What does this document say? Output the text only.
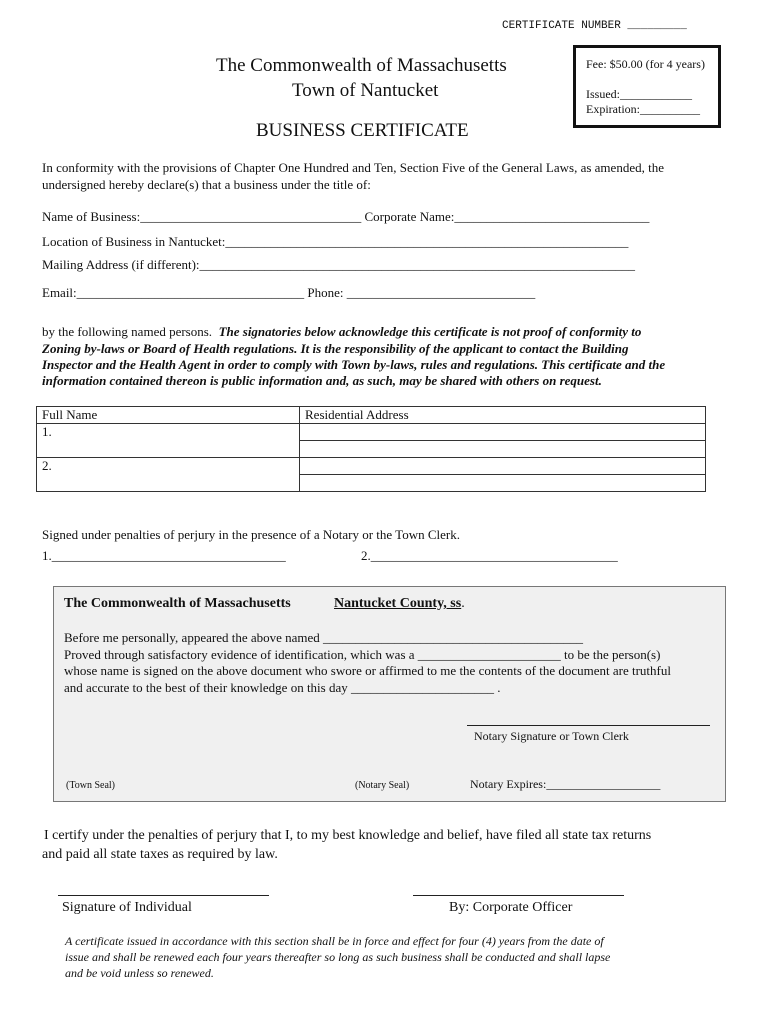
CERTIFICATE NUMBER _________
The Commonwealth of Massachusetts
Town of Nantucket
BUSINESS CERTIFICATE
Fee: $50.00 (for 4 years)
Issued:____________
Expiration:__________
In conformity with the provisions of Chapter One Hundred and Ten, Section Five of the General Laws, as amended, the
undersigned hereby declare(s) that a business under the title of:
Name of Business:__________________________________ Corporate Name:______________________________
Location of Business in Nantucket:______________________________________________________________
Mailing Address (if different):___________________________________________________________________
Email:___________________________________ Phone: _____________________________
by the following named persons. The signatories below acknowledge this certificate is not proof of conformity to
Zoning by-laws or Board of Health regulations. It is the responsibility of the applicant to contact the Building
Inspector and the Health Agent in order to comply with Town by-laws, rules and regulations. This certificate and the
information contained thereon is public information and, as such, may be shared with others on request.
Full Name	Residential Address
1.	

2.	

Signed under penalties of perjury in the presence of a Notary or the Town Clerk.
1.____________________________________	2.______________________________________
The Commonwealth of Massachusetts	Nantucket County, ss.
Before me personally, appeared the above named ________________________________________
Proved through satisfactory evidence of identification, which was a ______________________ to be the person(s)
whose name is signed on the above document who swore or affirmed to me the contents of the document are truthful
and accurate to the best of their knowledge on this day ______________________ .
Notary Signature or Town Clerk
(Town Seal)	(Notary Seal)	Notary Expires:___________________
I certify under the penalties of perjury that I, to my best knowledge and belief, have filed all state tax returns
and paid all state taxes as required by law.
Signature of Individual	By: Corporate Officer
A certificate issued in accordance with this section shall be in force and effect for four (4) years from the date of
issue and shall be renewed each four years thereafter so long as such business shall be conducted and shall lapse
and be void unless so renewed.
